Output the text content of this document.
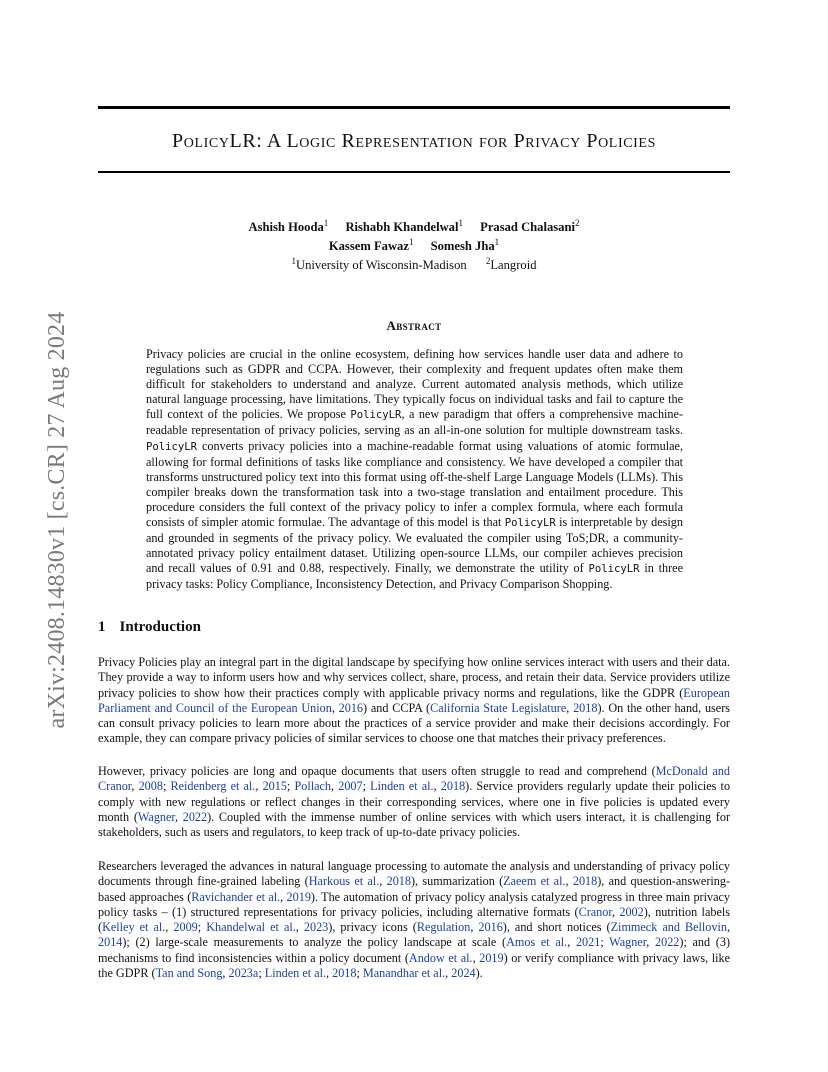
arXiv:2408.14830v1 [cs.CR] 27 Aug 2024
PolicyLR: A Logic Representation for Privacy Policies
Ashish Hooda$^1$ Rishabh Khandelwal$^1$ Prasad Chalasani$^2$
Kassem Fawaz$^1$ Somesh Jha$^1$
$^1$University of Wisconsin-Madison $^2$Langroid
Abstract

Privacy policies are crucial in the online ecosystem, defining how services handle user data and adhere to regulations such as GDPR and CCPA. However, their complexity and frequent updates often make them difficult for stakeholders to understand and analyze. Current automated analysis methods, which utilize natural language processing, have limitations. They typically focus on individual tasks and fail to capture the full context of the policies. We propose PolicyLR, a new paradigm that offers a comprehensive machine-readable representation of privacy policies, serving as an all-in-one solution for multiple downstream tasks. PolicyLR converts privacy policies into a machine-readable format using valuations of atomic formulae, allowing for formal definitions of tasks like compliance and consistency. We have developed a compiler that transforms unstructured policy text into this format using off-the-shelf Large Language Models (LLMs). This compiler breaks down the transformation task into a two-stage translation and entailment procedure. This procedure considers the full context of the privacy policy to infer a complex formula, where each formula consists of simpler atomic formulae. The advantage of this model is that PolicyLR is interpretable by design and grounded in segments of the privacy policy. We evaluated the compiler using ToS;DR, a community-annotated privacy policy entailment dataset. Utilizing open-source LLMs, our compiler achieves precision and recall values of 0.91 and 0.88, respectively. Finally, we demonstrate the utility of PolicyLR in three privacy tasks: Policy Compliance, Inconsistency Detection, and Privacy Comparison Shopping.

1 Introduction

Privacy Policies play an integral part in the digital landscape by specifying how online services interact with users and their data. They provide a way to inform users how and why services collect, share, process, and retain their data. Service providers utilize privacy policies to show how their practices comply with applicable privacy norms and regulations, like the GDPR (European Parliament and Council of the European Union, 2016) and CCPA (California State Legislature, 2018). On the other hand, users can consult privacy policies to learn more about the practices of a service provider and make their decisions accordingly. For example, they can compare privacy policies of similar services to choose one that matches their privacy preferences.

However, privacy policies are long and opaque documents that users often struggle to read and comprehend (McDonald and Cranor, 2008; Reidenberg et al., 2015; Pollach, 2007; Linden et al., 2018). Service providers regularly update their policies to comply with new regulations or reflect changes in their corresponding services, where one in five policies is updated every month (Wagner, 2022). Coupled with the immense number of online services with which users interact, it is challenging for stakeholders, such as users and regulators, to keep track of up-to-date privacy policies.

Researchers leveraged the advances in natural language processing to automate the analysis and understanding of privacy policy documents through fine-grained labeling (Harkous et al., 2018), summarization (Zaeem et al., 2018), and question-answering-based approaches (Ravichander et al., 2019). The automation of privacy policy analysis catalyzed progress in three main privacy policy tasks – (1) structured representations for privacy policies, including alternative formats (Cranor, 2002), nutrition labels (Kelley et al., 2009; Khandelwal et al., 2023), privacy icons (Regulation, 2016), and short notices (Zimmeck and Bellovin, 2014); (2) large-scale measurements to analyze the policy landscape at scale (Amos et al., 2021; Wagner, 2022); and (3) mechanisms to find inconsistencies within a policy document (Andow et al., 2019) or verify compliance with privacy laws, like the GDPR (Tan and Song, 2023a; Linden et al., 2018; Manandhar et al., 2024).
